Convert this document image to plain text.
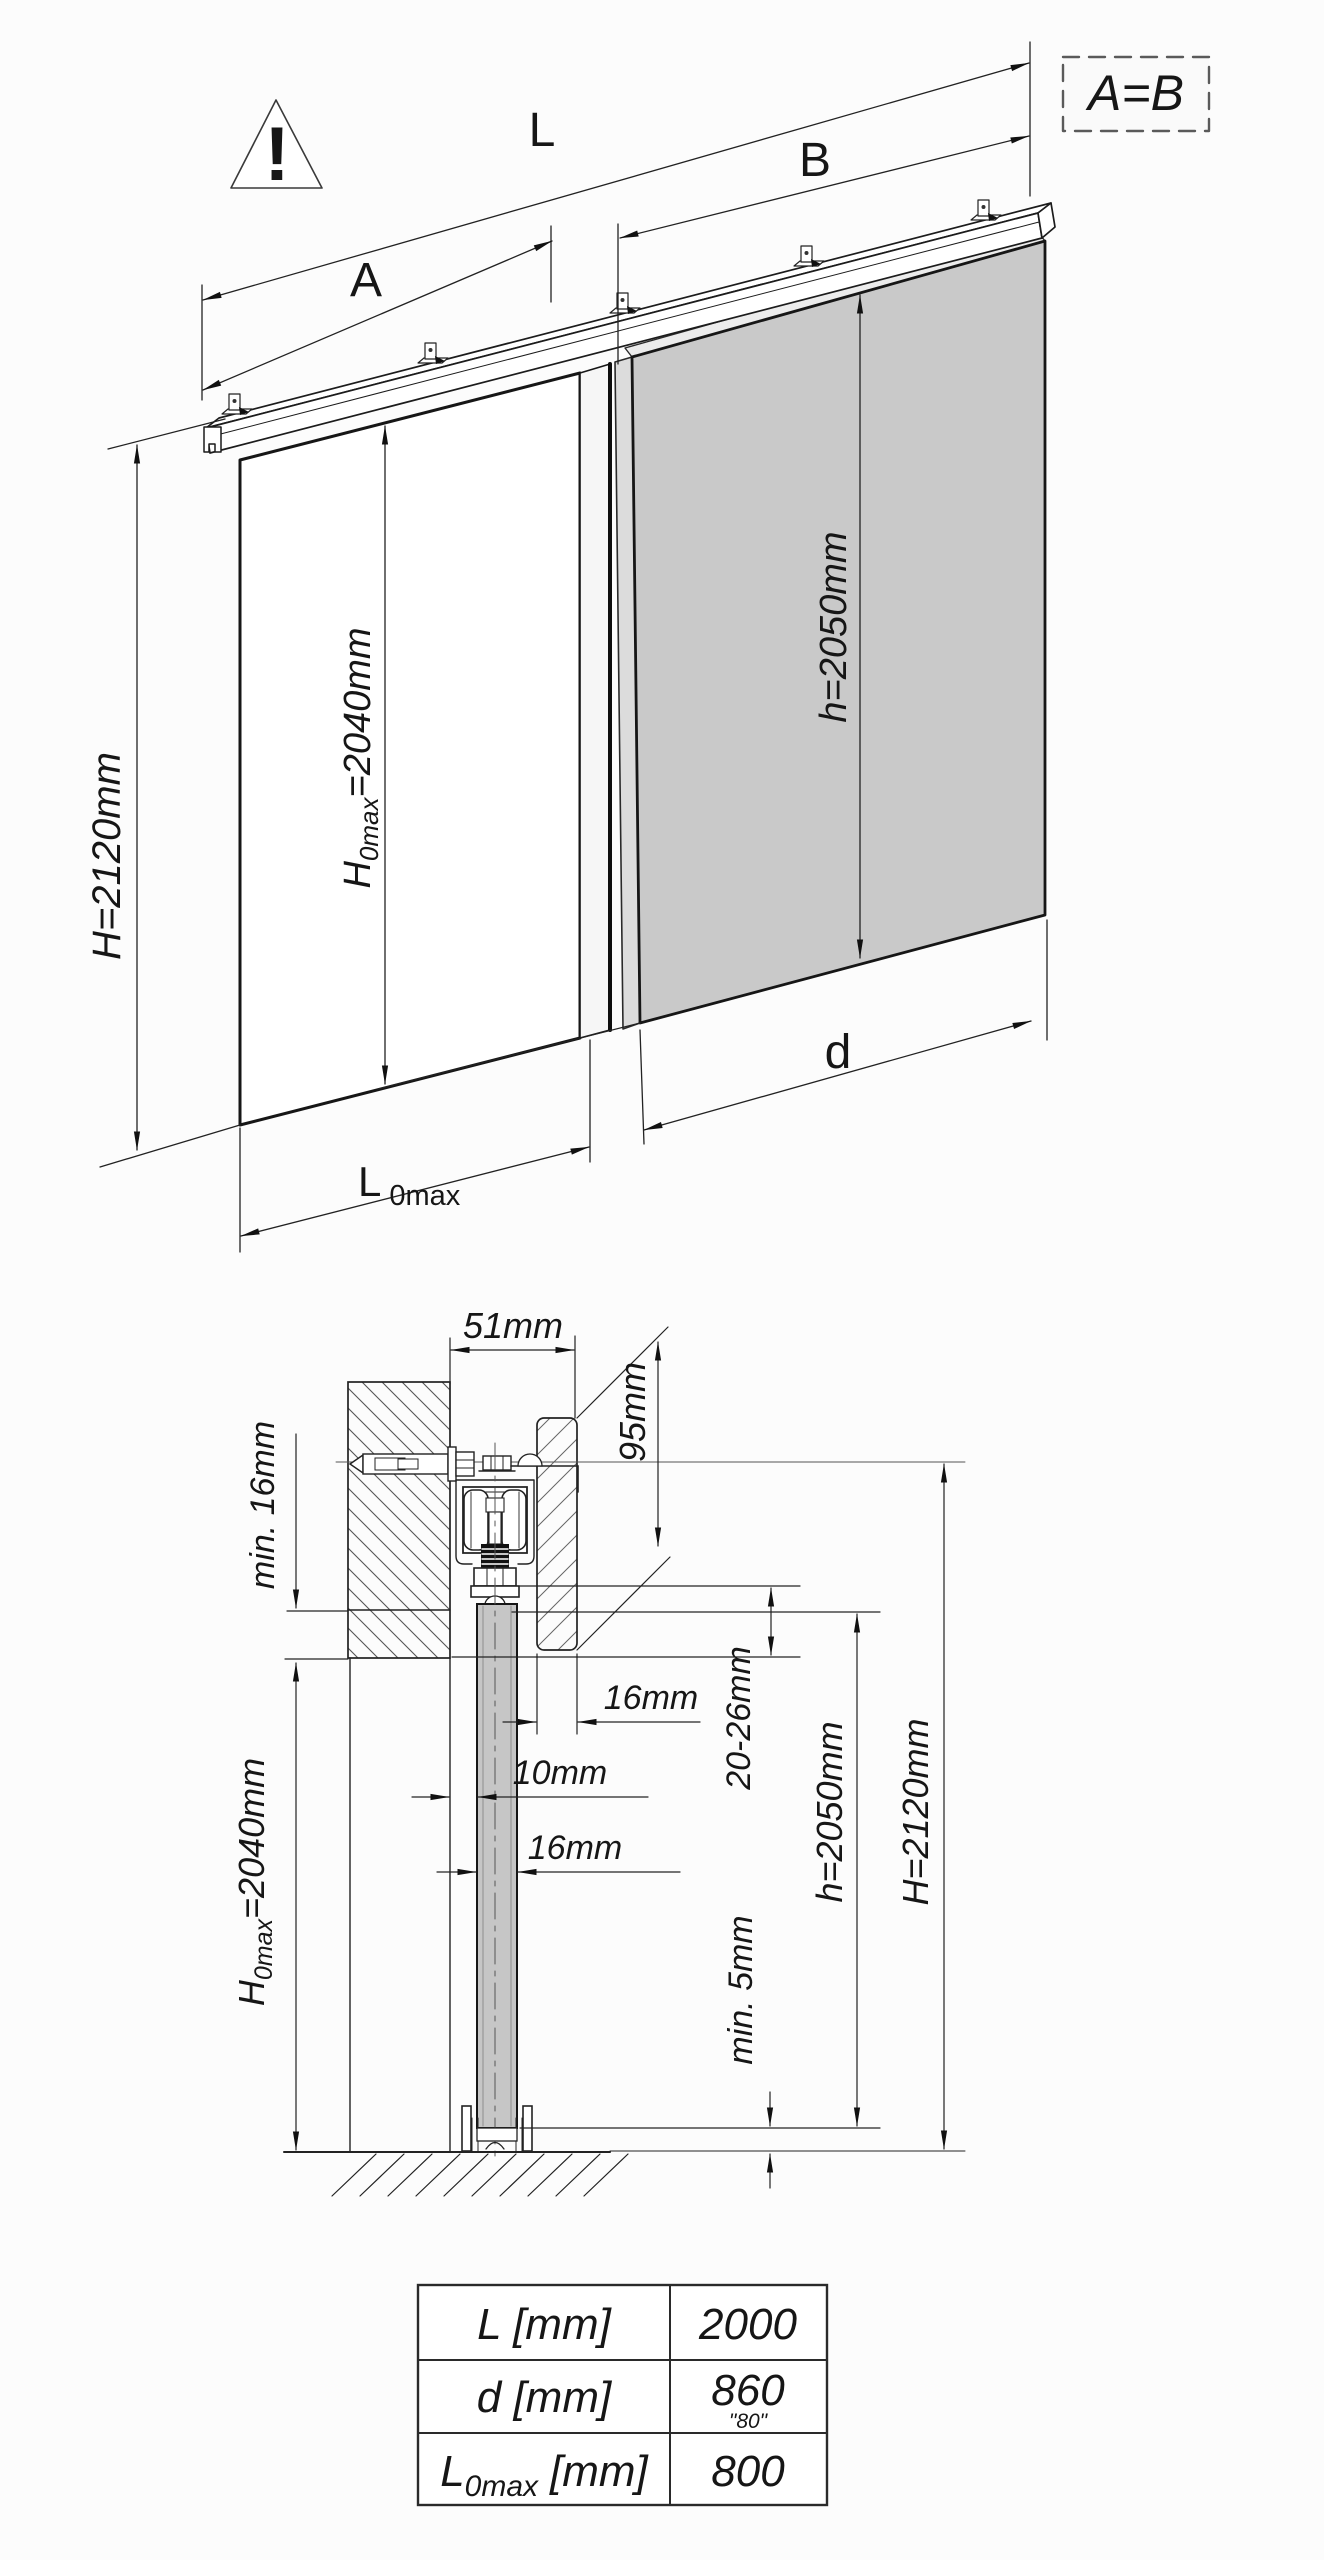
!
A=B
L
A
B
H=2120mm	$H_{0max}=2040mm$	h=2050mm
L $_{0max}$
d
51mm
95mm
min. 16mm
$H_{0max}=2040mm$
16mm
10mm
16mm
20-26mm
min. 5mm
h=2050mm H=2120mm
L [mm] 2000
d [mm] 860
"80"
$L_{0max}$ [mm] 800
